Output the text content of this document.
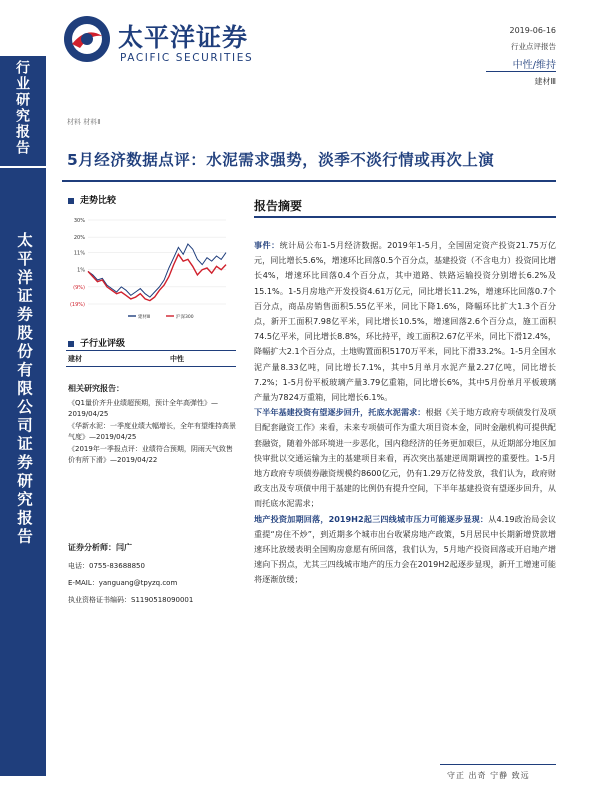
行业研究报告
太平洋证券股份有限公司证券研究报告
太平洋证券
PACIFIC SECURITIES
2019-06-16
行业点评报告
中性/维持
建材Ⅲ
材料 材料Ⅱ
5月经济数据点评：水泥需求强势，淡季不淡行情或再次上演
走势比较
30%
20%
11%
1%
(9%)
(19%)
建材Ⅲ	沪深300
子行业评级
建材	中性

相关研究报告：

《Q1量价齐升业绩超预期，预计全年高弹性》—2019/04/25

《华新水泥：一季度业绩大幅增长，全年有望维持高景气度》—2019/04/25

《2019年一季报点评：业绩符合预期，阴雨天气致售价有所下滑》—2019/04/22

证券分析师：闫广
电话：0755-83688850
E-MAIL：yanguang@tpyzq.com
执业资格证书编码：S1190518090001
报告摘要

事件：统计局公布1-5月经济数据。2019年1-5月，全国固定资产投资21.75万亿元，同比增长5.6%，增速环比回落0.5个百分点，基建投资（不含电力）投资同比增长4%，增速环比回落0.4个百分点，其中道路、铁路运输投资分别增长6.2%及15.1%。1-5月房地产开发投资4.61万亿元，同比增长11.2%，增速环比回落0.7个百分点，商品房销售面积5.55亿平米，同比下降1.6%，降幅环比扩大1.3个百分点，新开工面积7.98亿平米，同比增长10.5%，增速回落2.6个百分点，施工面积74.5亿平米，同比增长8.8%，环比持平，竣工面积2.67亿平米，同比下滑12.4%，降幅扩大2.1个百分点，土地购置面积5170万平米，同比下滑33.2%。1-5月全国水泥产量8.33亿吨，同比增长7.1%，其中5月单月水泥产量2.27亿吨，同比增长7.2%；1-5月份平板玻璃产量3.79亿重箱，同比增长6%，其中5月份单月平板玻璃产量为7824万重箱，同比增长6.1%。

下半年基建投资有望逐步回升，托底水泥需求：根据《关于地方政府专项债发行及项目配套融资工作》来看，未来专项债可作为重大项目资本金，同时金融机构可提供配套融资，随着外部环境进一步恶化，国内稳经济的任务更加艰巨，从近期部分地区加快审批以交通运输为主的基建项目来看，再次突出基建逆周期调控的重要性。1-5月地方政府专项债券融资规模约8600亿元，仍有1.29万亿待发放，我们认为，政府财政支出及专项债中用于基建的比例仍有提升空间，下半年基建投资有望逐步回升，从而托底水泥需求；

地产投资加期回落，2019H2起三四线城市压力可能逐步显现：从4.19政治局会议重提“房住不炒”，到近期多个城市出台收紧房地产政策，5月居民中长期新增贷款增速环比放缓表明全国购房意愿有所回落，我们认为，5月地产投资回落或开启地产增速向下拐点，尤其三四线城市地产的压力会在2019H2起逐步显现，新开工增速可能将逐渐放缓；

守正 出奇 宁静 致远
